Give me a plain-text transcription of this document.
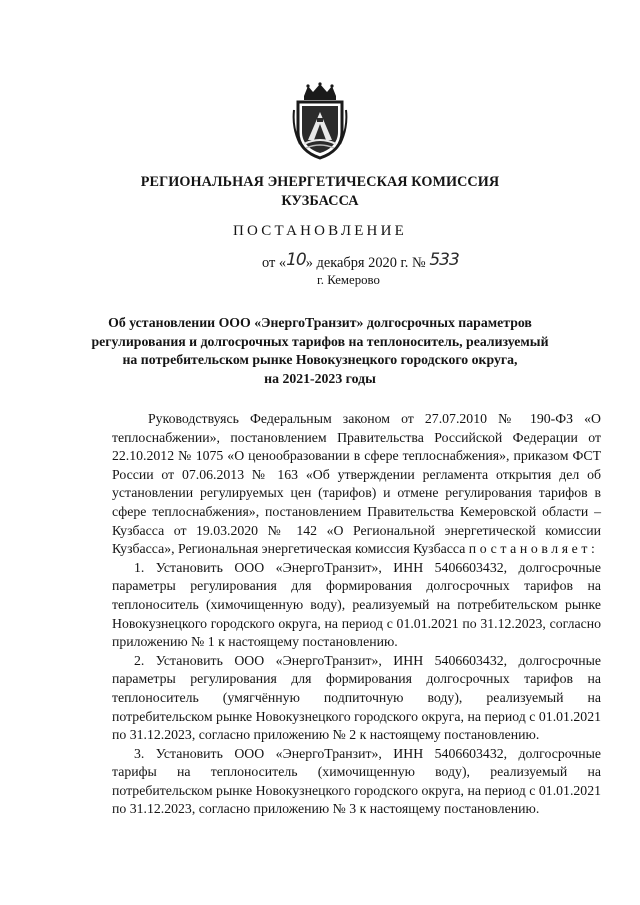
РЕГИОНАЛЬНАЯ ЭНЕРГЕТИЧЕСКАЯ КОМИССИЯ
КУЗБАССА
ПОСТАНОВЛЕНИЕ
от «10» декабря 2020 г. № 533
г. Кемерово
Об установлении ООО «ЭнергоТранзит» долгосрочных параметров
регулирования и долгосрочных тарифов на теплоноситель, реализуемый
на потребительском рынке Новокузнецкого городского округа,
на 2021-2023 годы

Руководствуясь Федеральным законом от 27.07.2010 № 190-ФЗ «О теплоснабжении», постановлением Правительства Российской Федерации от 22.10.2012 № 1075 «О ценообразовании в сфере теплоснабжения», приказом ФСТ России от 07.06.2013 № 163 «Об утверждении регламента открытия дел об установлении регулируемых цен (тарифов) и отмене регулирования тарифов в сфере теплоснабжения», постановлением Правительства Кемеровской области – Кузбасса от 19.03.2020 № 142 «О Региональной энергетической комиссии Кузбасса», Региональная энергетическая комиссия Кузбасса постановляет:

1. Установить ООО «ЭнергоТранзит», ИНН 5406603432, долгосрочные параметры регулирования для формирования долгосрочных тарифов на теплоноситель (химочищенную воду), реализуемый на потребительском рынке Новокузнецкого городского округа, на период с 01.01.2021 по 31.12.2023, согласно приложению № 1 к настоящему постановлению.

2. Установить ООО «ЭнергоТранзит», ИНН 5406603432, долгосрочные параметры регулирования для формирования долгосрочных тарифов на теплоноситель (умягчённую подпиточную воду), реализуемый на потребительском рынке Новокузнецкого городского округа, на период с 01.01.2021 по 31.12.2023, согласно приложению № 2 к настоящему постановлению.

3. Установить ООО «ЭнергоТранзит», ИНН 5406603432, долгосрочные тарифы на теплоноситель (химочищенную воду), реализуемый на потребительском рынке Новокузнецкого городского округа, на период с 01.01.2021 по 31.12.2023, согласно приложению № 3 к настоящему постановлению.
